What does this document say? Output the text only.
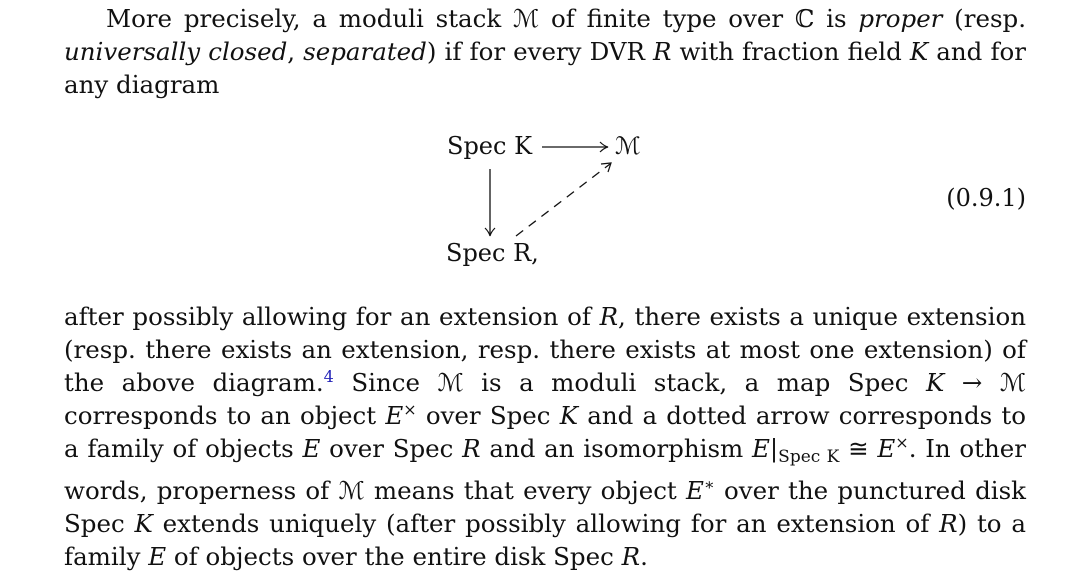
More precisely, a moduli stack ℳ of finite type over ℂ is proper (resp. universally closed, separated) if for every DVR R with fraction field K and for any diagram

Spec K	ℳ
Spec R,
(0.9.1)

after possibly allowing for an extension of R, there exists a unique extension (resp. there exists an extension, resp. there exists at most one extension) of the above diagram.$^4$ Since ℳ is a moduli stack, a map Spec K → ℳ corresponds to an object E× over Spec K and a dotted arrow corresponds to a family of objects E over Spec R and an isomorphism $E|_{Spec K}$ ≅ E×. In other words, properness of ℳ means that every object E∗ over the punctured disk Spec K extends uniquely (after possibly allowing for an extension of R) to a family E of objects over the entire disk Spec R.
